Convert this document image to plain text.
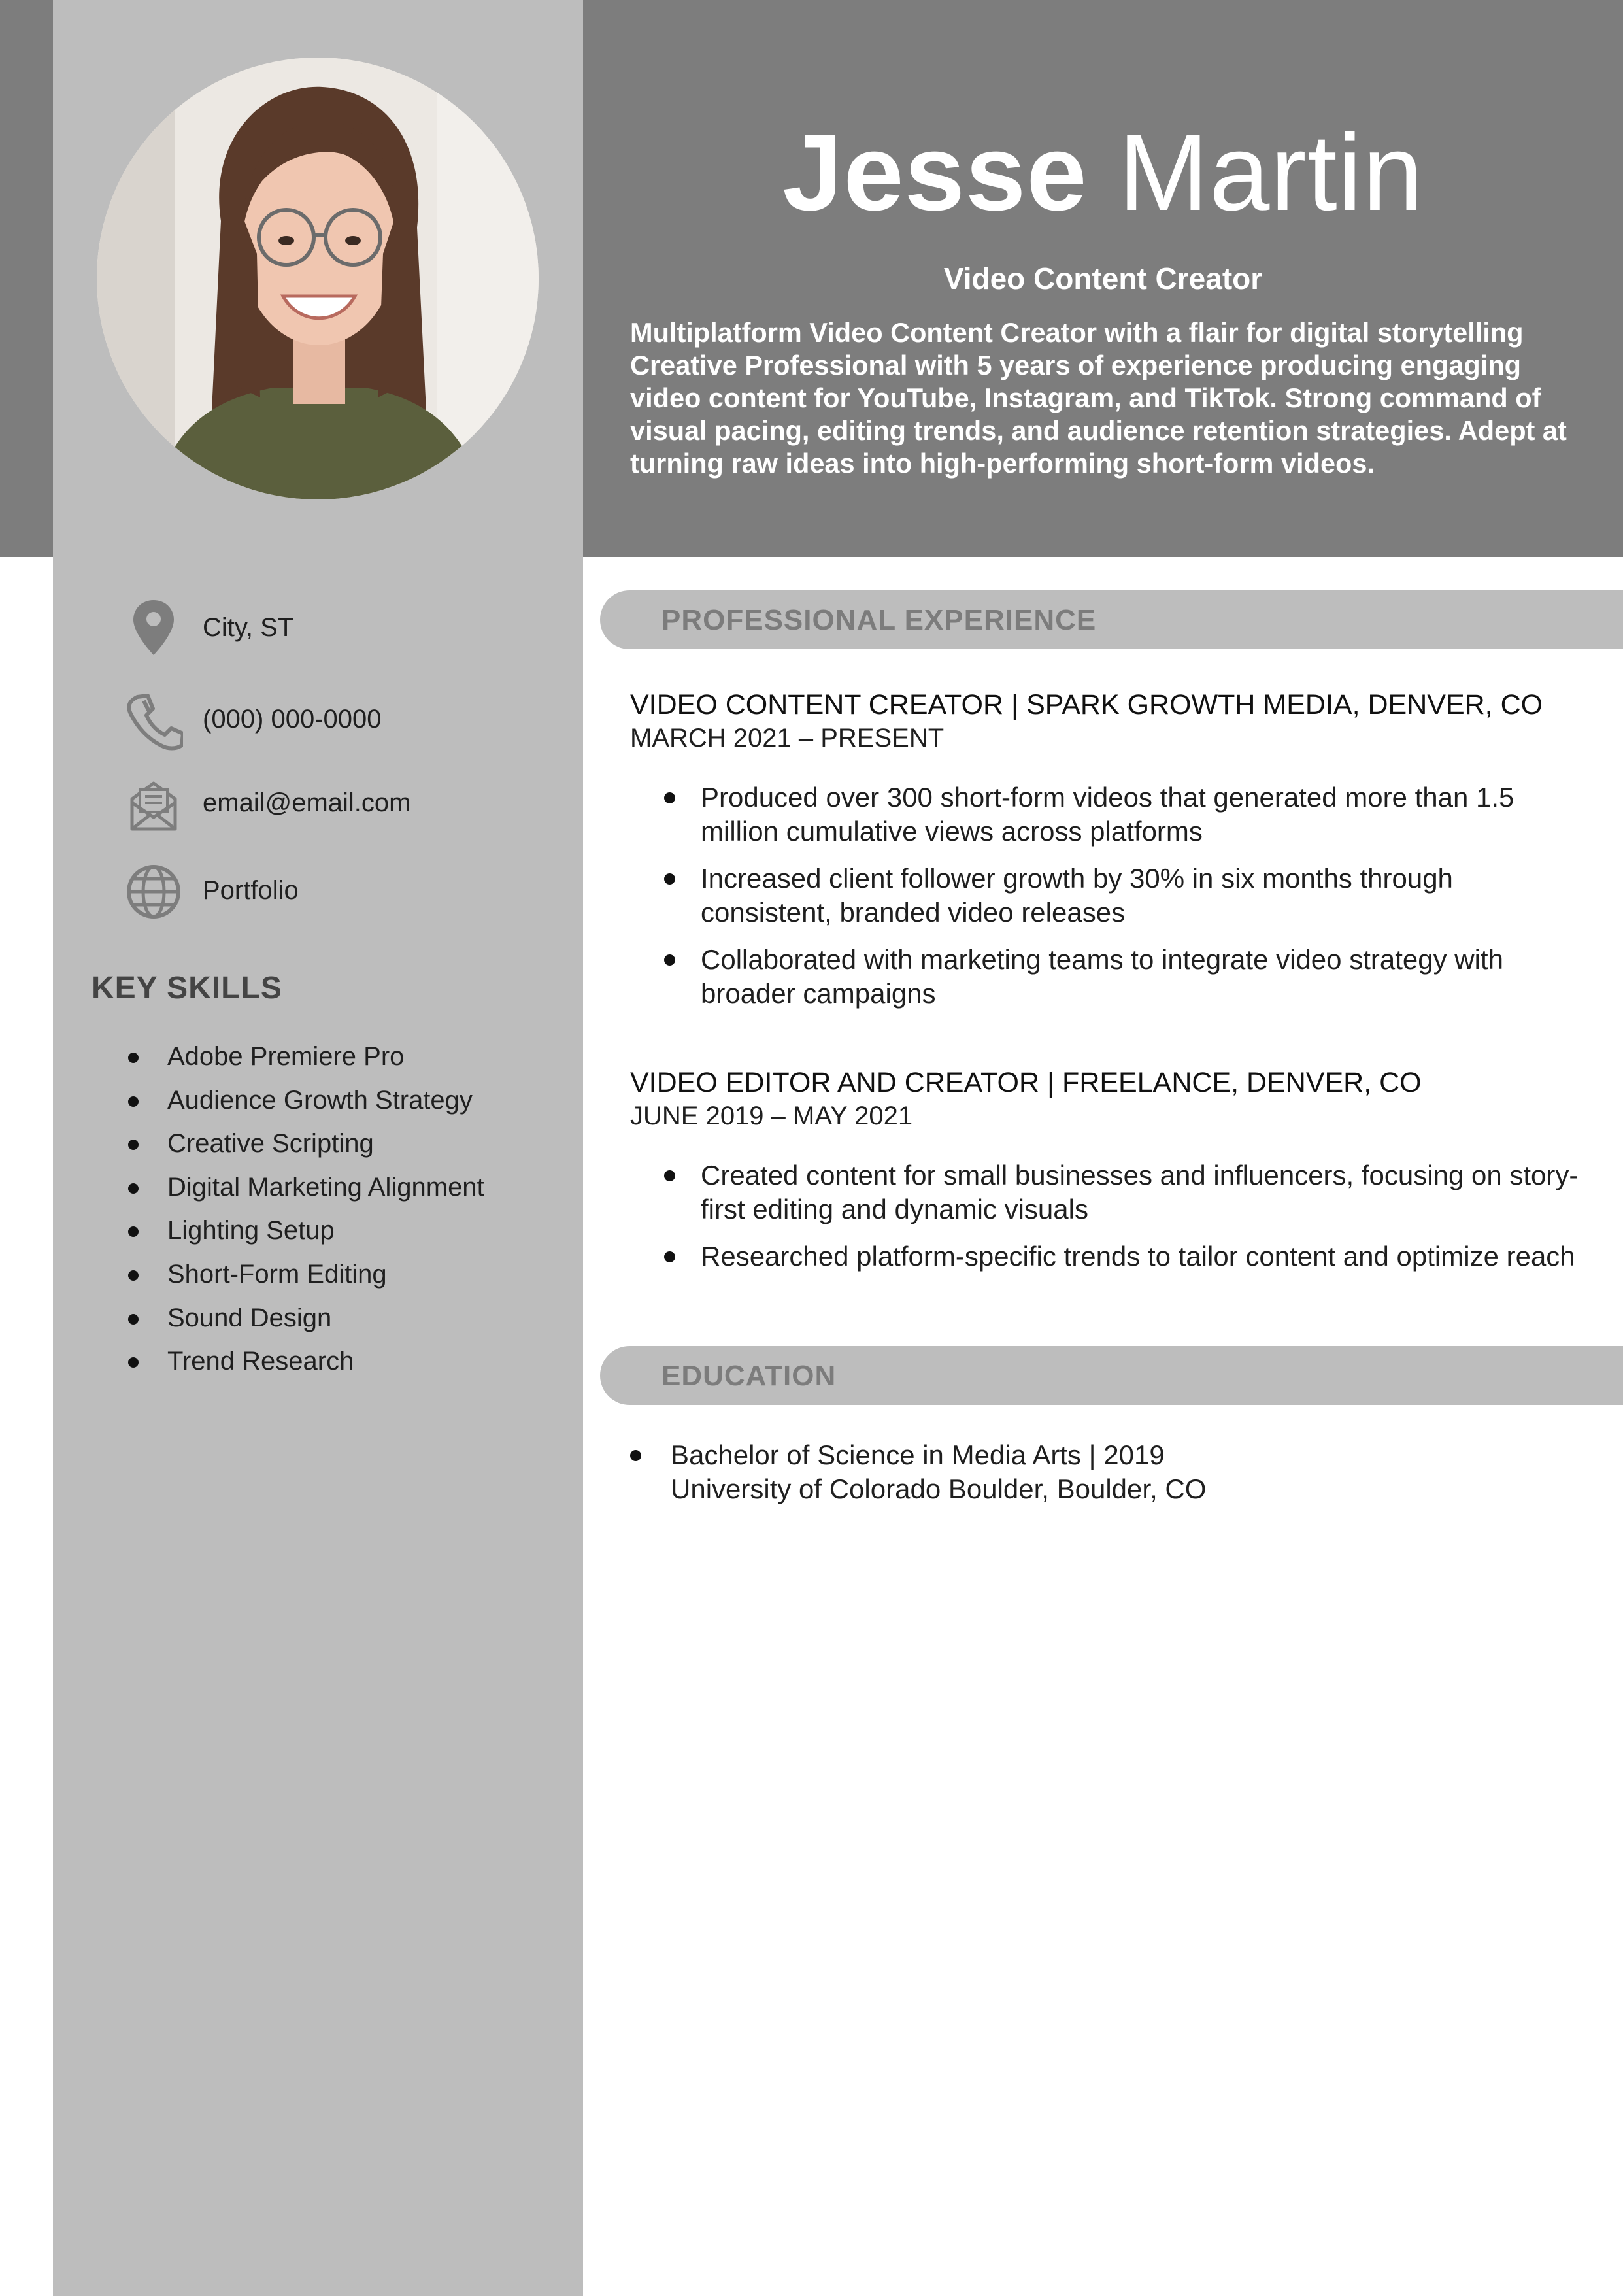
Jesse Martin
Video Content Creator
Multiplatform Video Content Creator with a flair for digital storytelling Creative Professional with 5 years of experience producing engaging video content for YouTube, Instagram, and TikTok. Strong command of visual pacing, editing trends, and audience retention strategies. Adept at turning raw ideas into high-performing short-form videos.
City, ST
(000) 000-0000
email@email.com
Portfolio
KEY SKILLS
Adobe Premiere Pro
Audience Growth Strategy
Creative Scripting
Digital Marketing Alignment
Lighting Setup
Short-Form Editing
Sound Design
Trend Research
PROFESSIONAL EXPERIENCE
VIDEO CONTENT CREATOR | SPARK GROWTH MEDIA, DENVER, CO
MARCH 2021 – PRESENT
Produced over 300 short-form videos that generated more than 1.5 million cumulative views across platforms
Increased client follower growth by 30% in six months through consistent, branded video releases
Collaborated with marketing teams to integrate video strategy with broader campaigns
VIDEO EDITOR AND CREATOR | FREELANCE, DENVER, CO
JUNE 2019 – MAY 2021
Created content for small businesses and influencers, focusing on story-first editing and dynamic visuals
Researched platform-specific trends to tailor content and optimize reach
EDUCATION
Bachelor of Science in Media Arts | 2019
University of Colorado Boulder, Boulder, CO
